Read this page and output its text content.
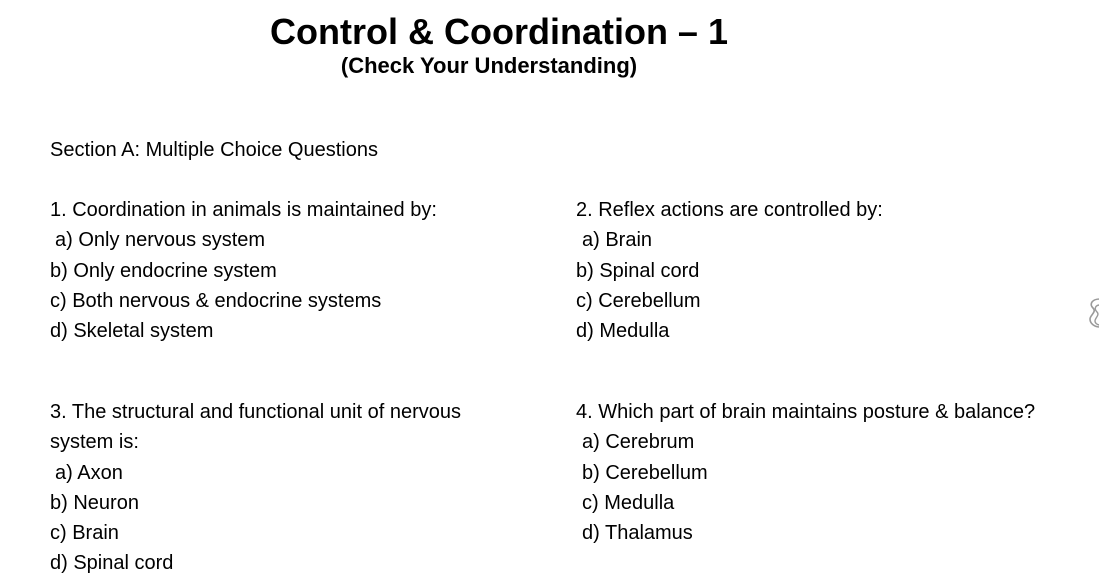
Control & Coordination – 1
(Check Your Understanding)
Section A: Multiple Choice Questions
1. Coordination in animals is maintained by:
a) Only nervous system
b) Only endocrine system
c) Both nervous & endocrine systems
d) Skeletal system
2. Reflex actions are controlled by:
a) Brain
b) Spinal cord
c) Cerebellum
d) Medulla
3. The structural and functional unit of nervous
system is:
a) Axon
b) Neuron
c) Brain
d) Spinal cord
4. Which part of brain maintains posture & balance?
a) Cerebrum
b) Cerebellum
c) Medulla
d) Thalamus
